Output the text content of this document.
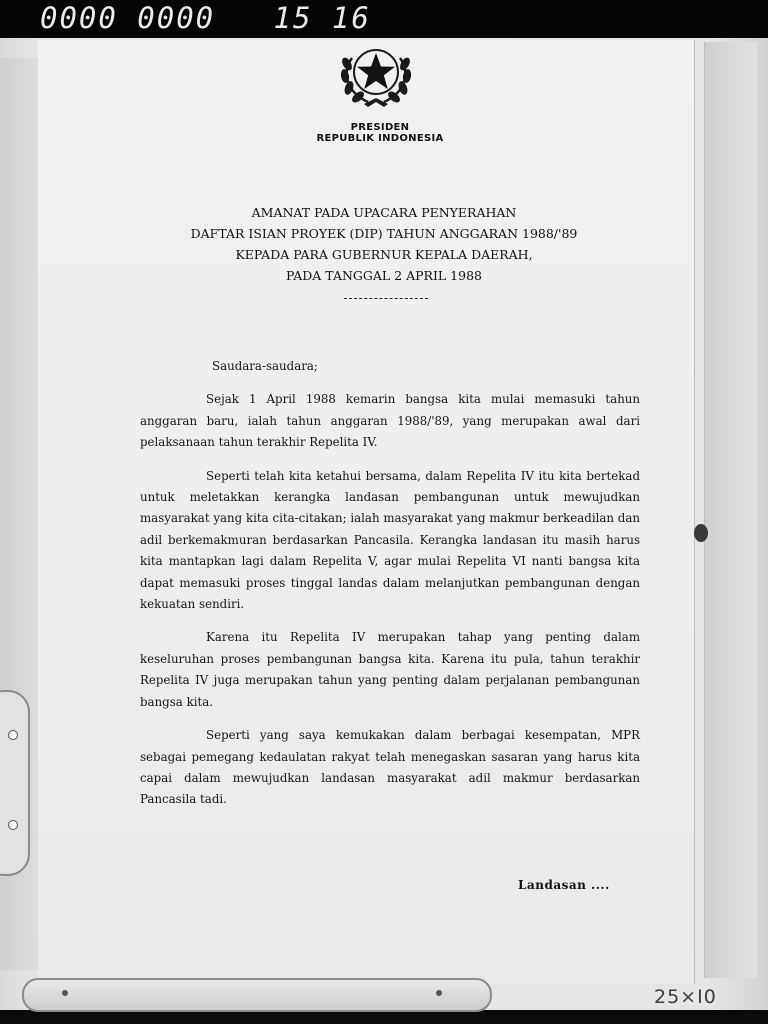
0000 0000   15 16
PRESIDEN
REPUBLIK INDONESIA
AMANAT PADA UPACARA PENYERAHAN
DAFTAR ISIAN PROYEK (DIP) TAHUN ANGGARAN 1988/'89
KEPADA PARA GUBERNUR KEPALA DAERAH,
PADA TANGGAL 2 APRIL 1988

Saudara-saudara;

Sejak 1 April 1988 kemarin bangsa kita mulai memasuki tahun anggaran baru, ialah tahun anggaran 1988/'89, yang merupakan awal dari pelaksanaan tahun terakhir Repelita IV.

Seperti telah kita ketahui bersama, dalam Repelita IV itu kita bertekad untuk meletakkan kerangka landasan pembangunan untuk mewujudkan masyarakat yang kita cita-citakan; ialah masyarakat yang makmur berkeadilan dan adil berkemakmuran berdasarkan Pancasila. Kerangka landasan itu masih harus kita mantapkan lagi dalam Repelita V, agar mulai Repelita VI nanti bangsa kita dapat memasuki proses tinggal landas dalam melanjutkan pembangunan dengan kekuatan sendiri.

Karena itu Repelita IV merupakan tahap yang penting dalam keseluruhan proses pembangunan bangsa kita. Karena itu pula, tahun terakhir Repelita IV juga merupakan tahun yang penting dalam perjalanan pembangunan bangsa kita.

Seperti yang saya kemukakan dalam berbagai kesempatan, MPR sebagai pemegang kedaulatan rakyat telah menegaskan sasaran yang harus kita capai dalam mewujudkan landasan masyarakat adil makmur berdasarkan Pancasila tadi.

Landasan ....
25×I0
